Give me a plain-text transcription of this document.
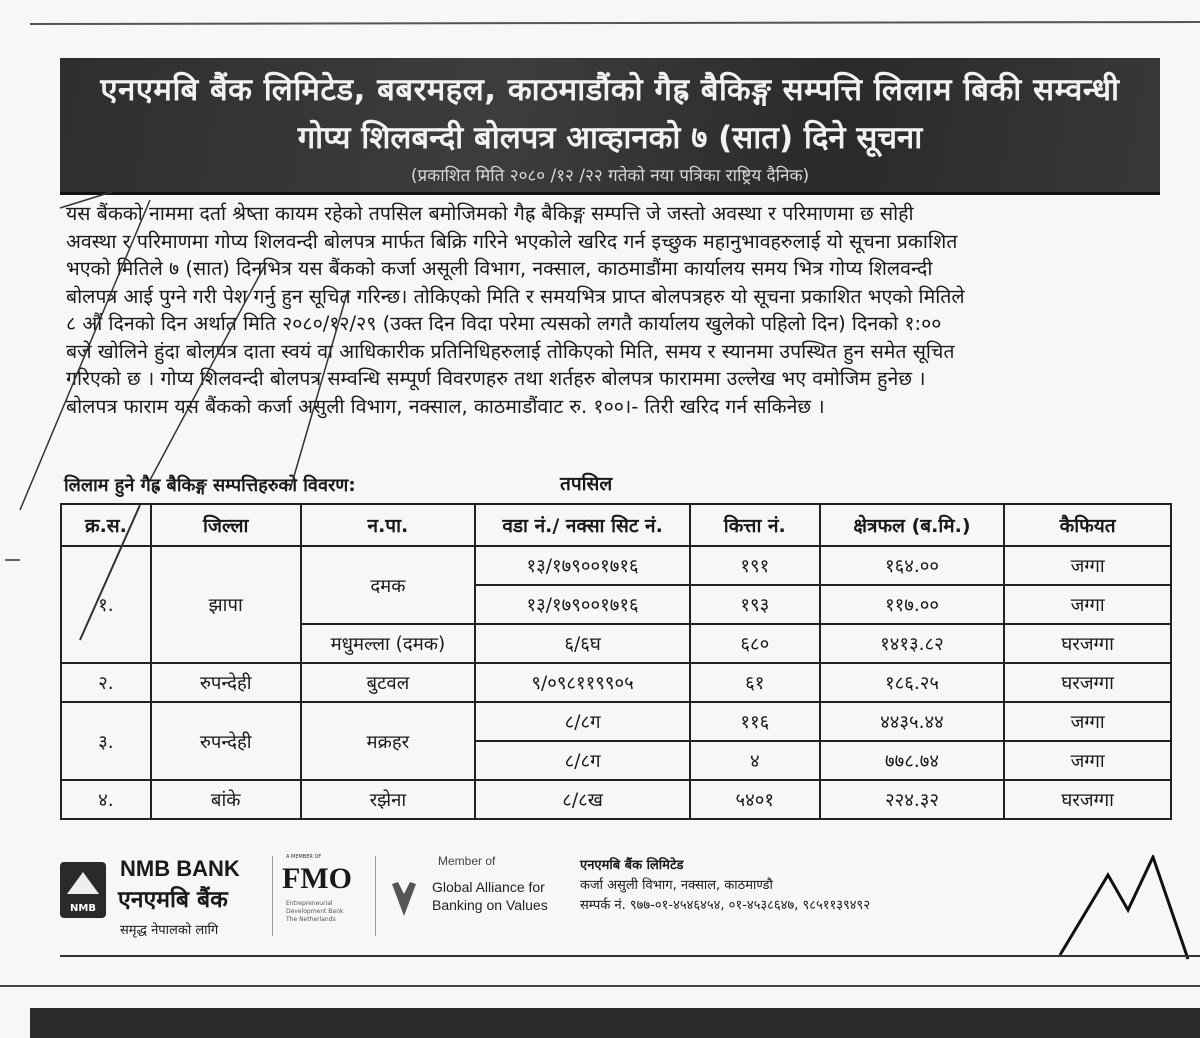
एनएमबि बैंक लिमिटेड, बबरमहल, काठमाडौंको गैह्र बैकिङ्ग सम्पत्ति लिलाम बिकी सम्वन्धी
गोप्य शिलबन्दी बोलपत्र आव्हानको ७ (सात) दिने सूचना
(प्रकाशित मिति २०८० /१२ /२२ गतेको नया पत्रिका राष्ट्रिय दैनिक)
यस बैंकको नाममा दर्ता श्रेष्ता कायम रहेको तपसिल बमोजिमको गैह्र बैकिङ्ग सम्पत्ति जे जस्तो अवस्था र परिमाणमा छ सोही
अवस्था र परिमाणमा गोप्य शिलवन्दी बोलपत्र मार्फत बिक्रि गरिने भएकोले खरिद गर्न इच्छुक महानुभावहरुलाई यो सूचना प्रकाशित
भएको मितिले ७ (सात) दिनभित्र यस बैंकको कर्जा असूली विभाग, नक्साल, काठमाडौंमा कार्यालय समय भित्र गोप्य शिलवन्दी
बोलपत्र आई पुग्ने गरी पेश गर्नु हुन सूचित गरिन्छ। तोकिएको मिति र समयभित्र प्राप्त बोलपत्रहरु यो सूचना प्रकाशित भएको मितिले
८ औं दिनको दिन अर्थात मिति २०८०/१२/२९ (उक्त दिन विदा परेमा त्यसको लगतै कार्यालय खुलेको पहिलो दिन) दिनको १:००
बजे खोलिने हुंदा बोलपत्र दाता स्वयं वा आधिकारीक प्रतिनिधिहरुलाई तोकिएको मिति, समय र स्यानमा उपस्थित हुन समेत सूचित
गरिएको छ । गोप्य शिलवन्दी बोलपत्र सम्वन्धि सम्पूर्ण विवरणहरु तथा शर्तहरु बोलपत्र फाराममा उल्लेख भए वमोजिम हुनेछ ।
बोलपत्र फाराम यस बैंकको कर्जा असुली विभाग, नक्साल, काठमाडौंवाट रु. १००।- तिरी खरिद गर्न सकिनेछ ।
लिलाम हुने गैह्र बैकिङ्ग सम्पत्तिहरुको विवरण:	तपसिल
क्र.स.	जिल्ला	न.पा.	वडा नं./ नक्सा सिट नं.	कित्ता नं.	क्षेत्रफल (ब.मि.)	कैफियत
१.	झापा	दमक	१३/१७९००१७१६	१९१	१६४.००	जग्गा
			१३/१७९००१७१६	१९३	११७.००	जग्गा
		मधुमल्ला (दमक)	६/६घ	६८०	१४१३.८२	घरजग्गा
२.	रुपन्देही	बुटवल	९/०९८११९९०५	६१	१८६.२५	घरजग्गा
३.	रुपन्देही	मक्रहर	८/८ग	११६	४४३५.४४	जग्गा
			८/८ग	४	७७८.७४	जग्गा
४.	बांके	रझेना	८/८ख	५४०१	२२४.३२	घरजग्गा
NMB
NMB BANK
एनएमबि बैंक
समृद्ध नेपालको लागि
A MEMBER OF
FMO
Entrepreneurial Development Bank
The Netherlands
Member of
Global Alliance for
Banking on Values
एनएमबि बैंक लिमिटेड
कर्जा असुली विभाग, नक्साल, काठमाण्डौ
सम्पर्क नं. ९७७-०१-४५४६४५४, ०१-४५३८६४७, ९८५११३९४९२
